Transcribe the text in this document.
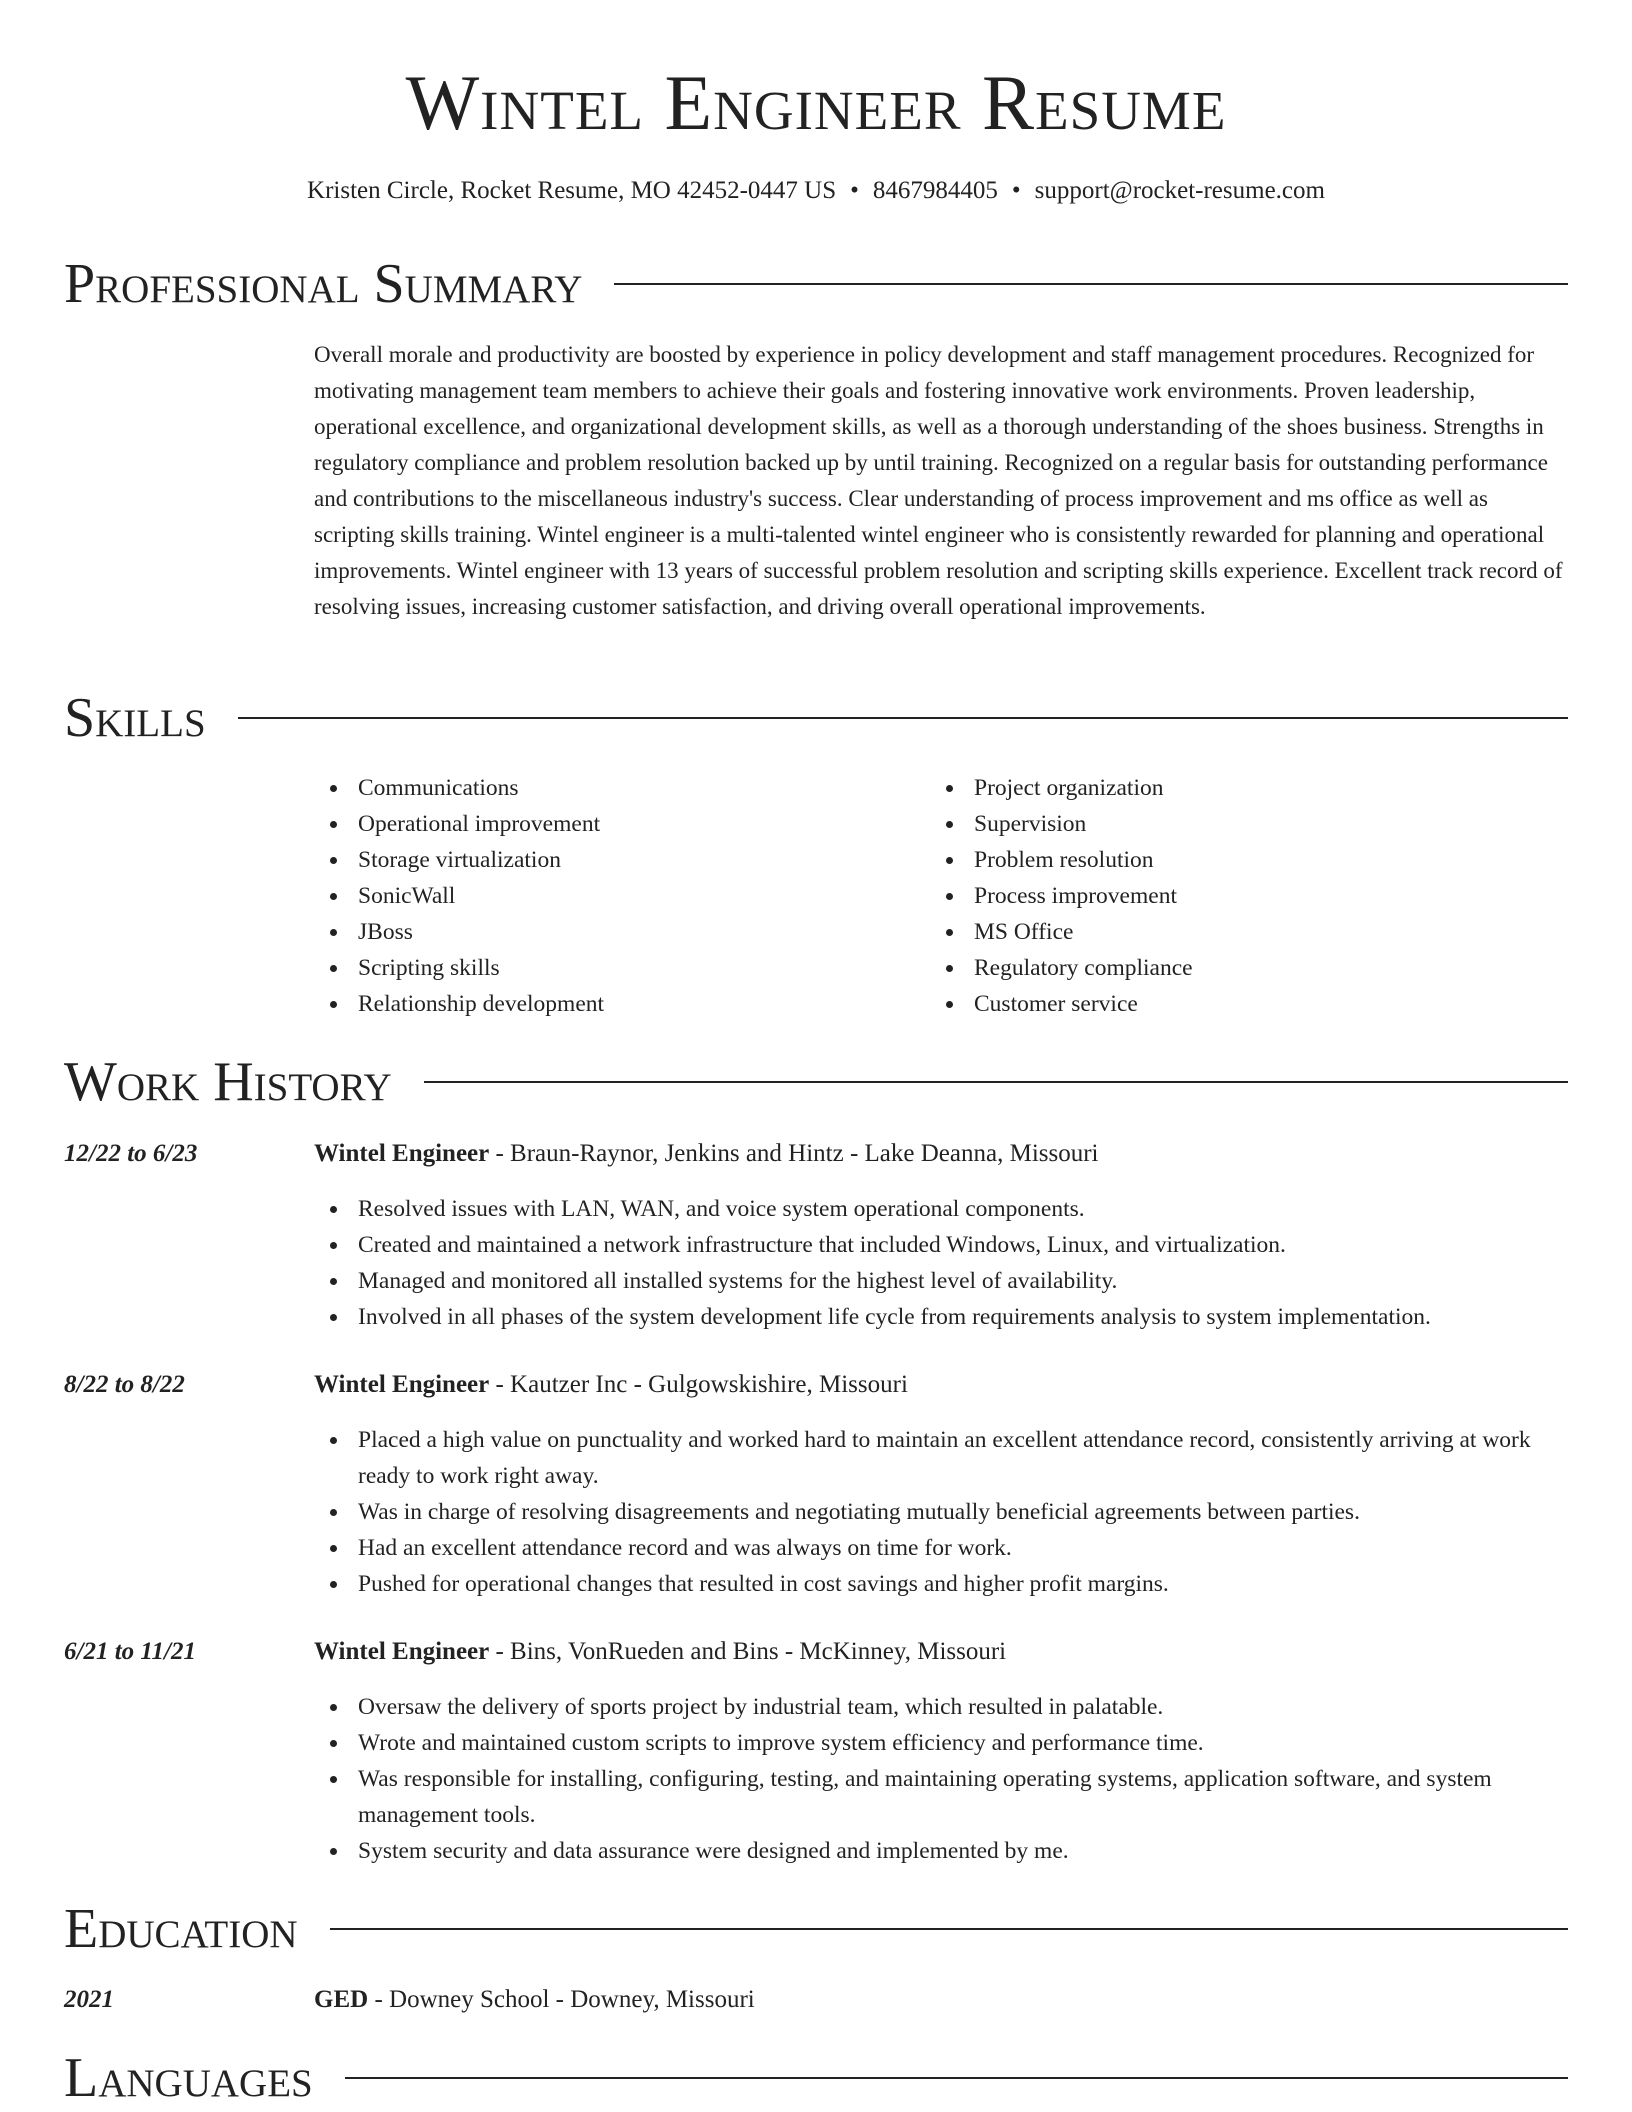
Wintel Engineer Resume
Kristen Circle, Rocket Resume, MO 42452-0447 US • 8467984405 • support@rocket-resume.com
Professional Summary
Overall morale and productivity are boosted by experience in policy development and staff management procedures. Recognized for motivating management team members to achieve their goals and fostering innovative work environments. Proven leadership, operational excellence, and organizational development skills, as well as a thorough understanding of the shoes business. Strengths in regulatory compliance and problem resolution backed up by until training. Recognized on a regular basis for outstanding performance and contributions to the miscellaneous industry's success. Clear understanding of process improvement and ms office as well as scripting skills training. Wintel engineer is a multi-talented wintel engineer who is consistently rewarded for planning and operational improvements. Wintel engineer with 13 years of successful problem resolution and scripting skills experience. Excellent track record of resolving issues, increasing customer satisfaction, and driving overall operational improvements.
Skills
Communications
Operational improvement
Storage virtualization
SonicWall
JBoss
Scripting skills
Relationship development
Project organization
Supervision
Problem resolution
Process improvement
MS Office
Regulatory compliance
Customer service
Work History
12/22 to 6/23	Wintel Engineer - Braun-Raynor, Jenkins and Hintz - Lake Deanna, Missouri
Resolved issues with LAN, WAN, and voice system operational components.
Created and maintained a network infrastructure that included Windows, Linux, and virtualization.
Managed and monitored all installed systems for the highest level of availability.
Involved in all phases of the system development life cycle from requirements analysis to system implementation.
8/22 to 8/22	Wintel Engineer - Kautzer Inc - Gulgowskishire, Missouri
Placed a high value on punctuality and worked hard to maintain an excellent attendance record, consistently arriving at work ready to work right away.
Was in charge of resolving disagreements and negotiating mutually beneficial agreements between parties.
Had an excellent attendance record and was always on time for work.
Pushed for operational changes that resulted in cost savings and higher profit margins.
6/21 to 11/21	Wintel Engineer - Bins, VonRueden and Bins - McKinney, Missouri
Oversaw the delivery of sports project by industrial team, which resulted in palatable.
Wrote and maintained custom scripts to improve system efficiency and performance time.
Was responsible for installing, configuring, testing, and maintaining operating systems, application software, and system management tools.
System security and data assurance were designed and implemented by me.
Education
2021	GED - Downey School - Downey, Missouri
Languages
